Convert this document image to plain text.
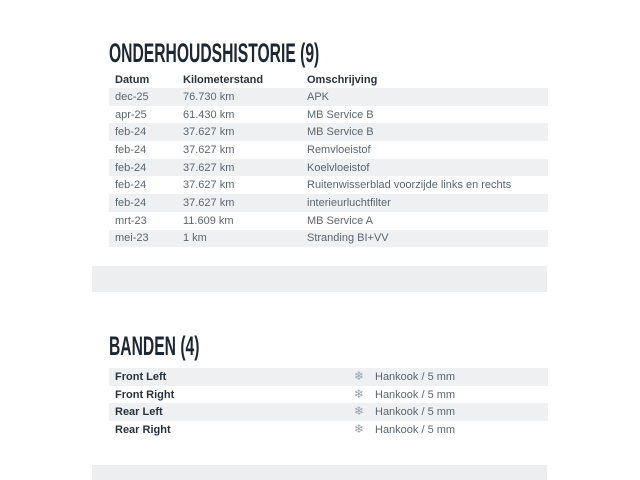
ONDERHOUDSHISTORIE (9)
Datum	Kilometerstand	Omschrijving
dec-25	76.730 km	APK
apr-25	61.430 km	MB Service B
feb-24	37.627 km	MB Service B
feb-24	37.627 km	Remvloeistof
feb-24	37.627 km	Koelvloeistof
feb-24	37.627 km	Ruitenwisserblad voorzijde links en rechts
feb-24	37.627 km	interieurluchtfilter
mrt-23	11.609 km	MB Service A
mei-23	1 km	Stranding BI+VV
BANDEN (4)
Front Left	❄ Hankook / 5 mm
Front Right	❄ Hankook / 5 mm
Rear Left	❄ Hankook / 5 mm
Rear Right	❄ Hankook / 5 mm
